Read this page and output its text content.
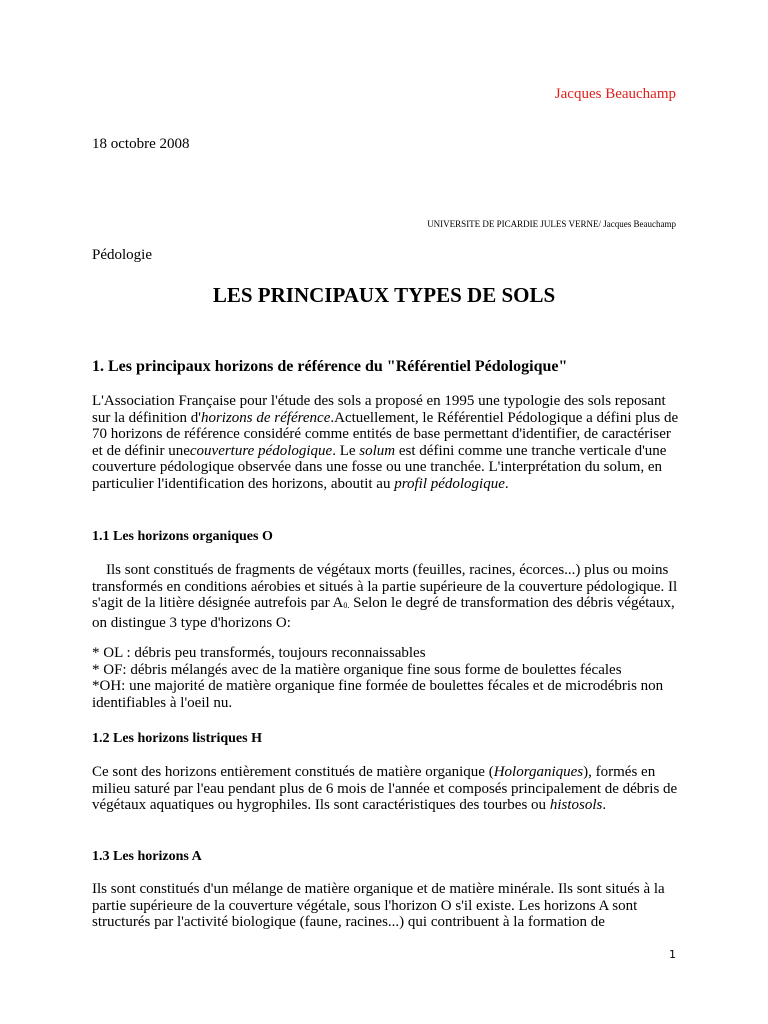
Jacques Beauchamp
18 octobre 2008
UNIVERSITE DE PICARDIE JULES VERNE/ Jacques Beauchamp
Pédologie
LES PRINCIPAUX TYPES DE SOLS
1. Les principaux horizons de référence du "Référentiel Pédologique"
L'Association Française pour l'étude des sols a proposé en 1995 une typologie des sols reposant sur la définition d'horizons de référence.Actuellement, le Référentiel Pédologique a défini plus de 70 horizons de référence considéré comme entités de base permettant d'identifier, de caractériser et de définir unecouverture pédologique. Le solum est défini comme une tranche verticale d'une couverture pédologique observée dans une fosse ou une tranchée. L'interprétation du solum, en particulier l'identification des horizons, aboutit au profil pédologique.
1.1 Les horizons organiques O
Ils sont constitués de fragments de végétaux morts (feuilles, racines, écorces...) plus ou moins transformés en conditions aérobies et situés à la partie supérieure de la couverture pédologique. Il s'agit de la litière désignée autrefois par A0. Selon le degré de transformation des débris végétaux, on distingue 3 type d'horizons O:
* OL : débris peu transformés, toujours reconnaissables
* OF: débris mélangés avec de la matière organique fine sous forme de boulettes fécales
*OH: une majorité de matière organique fine formée de boulettes fécales et de microdébris non identifiables à l'oeil nu.
1.2 Les horizons listriques H
Ce sont des horizons entièrement constitués de matière organique (Holorganiques), formés en milieu saturé par l'eau pendant plus de 6 mois de l'année et composés principalement de débris de végétaux aquatiques ou hygrophiles. Ils sont caractéristiques des tourbes ou histosols.
1.3 Les horizons A
Ils sont constitués d'un mélange de matière organique et de matière minérale. Ils sont situés à la partie supérieure de la couverture végétale, sous l'horizon O s'il existe. Les horizons A sont structurés par l'activité biologique (faune, racines...) qui contribuent à la formation de
1
